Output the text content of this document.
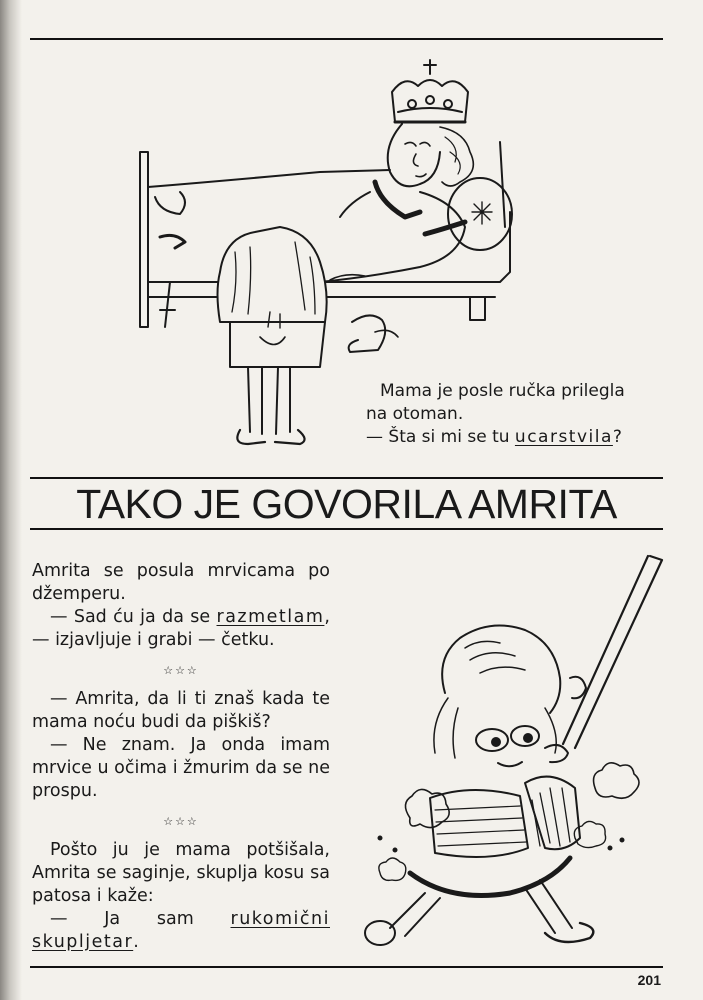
Mama je posle ručka prilegla

na otoman.

— Šta si mi se tu ucarstvila?

TAKO JE GOVORILA AMRITA

Amrita se posula mrvicama po džemperu.

— Sad ću ja da se razmetlam, — izjavljuje i grabi — četku.

☆☆☆

— Amrita, da li ti znaš kada te mama noću budi da piškiš?

— Ne znam. Ja onda imam mrvice u očima i žmurim da se ne prospu.

☆☆☆

Pošto ju je mama potšišala, Amrita se saginje, skuplja kosu sa patosa i kaže:

— Ja sam rukomični skupljetar.

201
